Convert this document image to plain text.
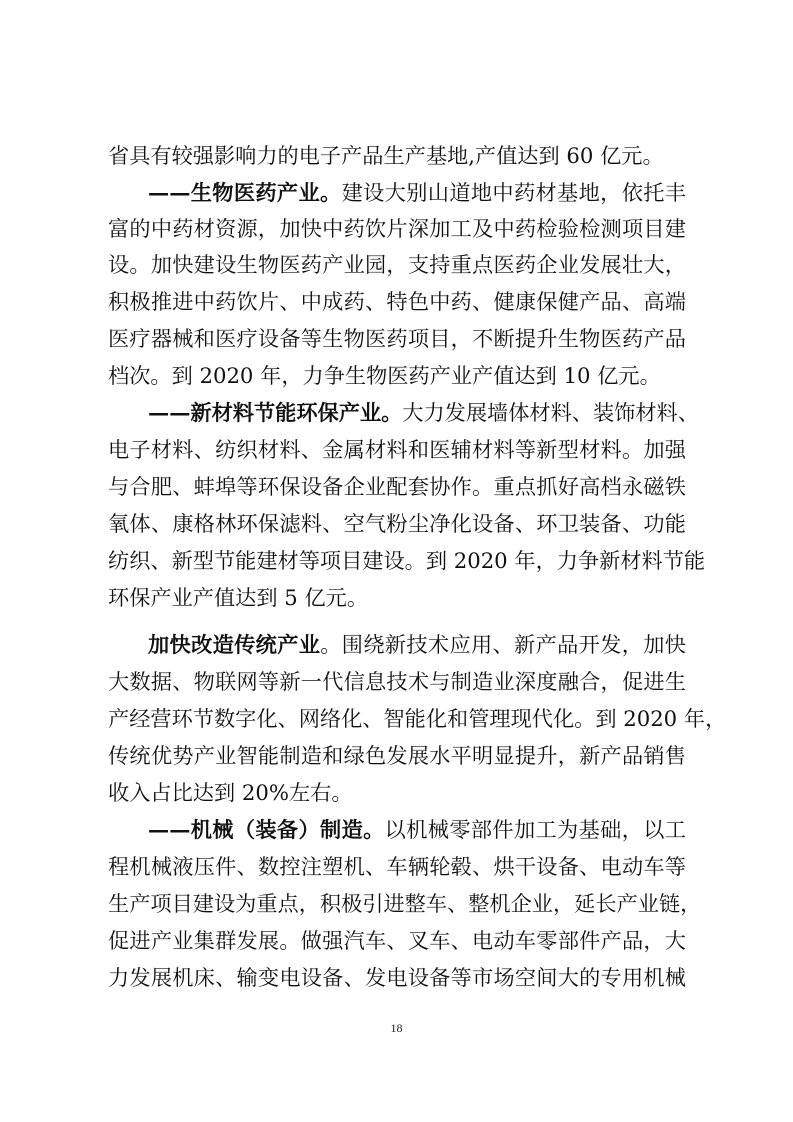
省具有较强影响力的电子产品生产基地,产值达到 60 亿元。
——生物医药产业。建设大别山道地中药材基地，依托丰
富的中药材资源，加快中药饮片深加工及中药检验检测项目建
设。加快建设生物医药产业园，支持重点医药企业发展壮大，
积极推进中药饮片、中成药、特色中药、健康保健产品、高端
医疗器械和医疗设备等生物医药项目，不断提升生物医药产品
档次。到 2020 年，力争生物医药产业产值达到 10 亿元。
——新材料节能环保产业。大力发展墙体材料、装饰材料、
电子材料、纺织材料、金属材料和医辅材料等新型材料。加强
与合肥、蚌埠等环保设备企业配套协作。重点抓好高档永磁铁
氧体、康格林环保滤料、空气粉尘净化设备、环卫装备、功能
纺织、新型节能建材等项目建设。到 2020 年，力争新材料节能
环保产业产值达到 5 亿元。
加快改造传统产业。围绕新技术应用、新产品开发，加快
大数据、物联网等新一代信息技术与制造业深度融合，促进生
产经营环节数字化、网络化、智能化和管理现代化。到 2020 年，
传统优势产业智能制造和绿色发展水平明显提升，新产品销售
收入占比达到 20%左右。
——机械（装备）制造。以机械零部件加工为基础，以工
程机械液压件、数控注塑机、车辆轮毂、烘干设备、电动车等
生产项目建设为重点，积极引进整车、整机企业，延长产业链，
促进产业集群发展。做强汽车、叉车、电动车零部件产品，大
力发展机床、输变电设备、发电设备等市场空间大的专用机械
18
